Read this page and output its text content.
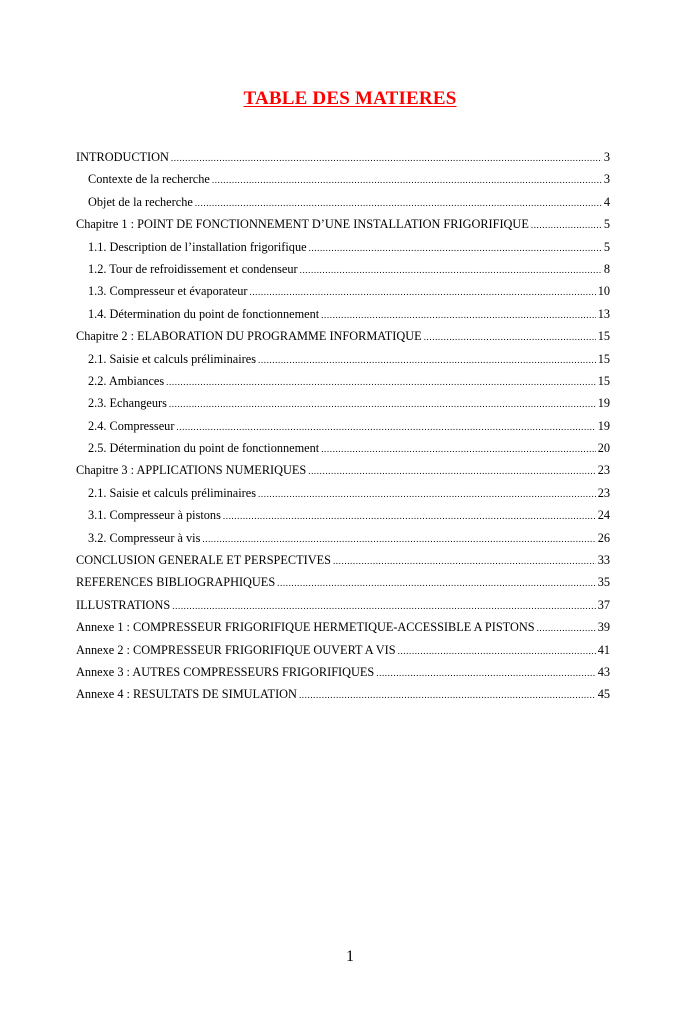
TABLE DES MATIERES
INTRODUCTION .....	3
Contexte de la recherche .....	3
Objet de la recherche .....	4
Chapitre 1 : POINT DE FONCTIONNEMENT D’UNE INSTALLATION FRIGORIFIQUE .....	5
1.1. Description de l’installation frigorifique .....	5
1.2. Tour de refroidissement et condenseur .....	8
1.3. Compresseur et évaporateur .....	10
1.4. Détermination du point de fonctionnement .....	13
Chapitre 2 : ELABORATION DU PROGRAMME INFORMATIQUE .....	15
2.1. Saisie et calculs préliminaires .....	15
2.2. Ambiances .....	15
2.3. Echangeurs .....	19
2.4. Compresseur .....	19
2.5. Détermination du point de fonctionnement .....	20
Chapitre 3 : APPLICATIONS NUMERIQUES .....	23
2.1. Saisie et calculs préliminaires .....	23
3.1. Compresseur à pistons .....	24
3.2. Compresseur à vis .....	26
CONCLUSION GENERALE ET PERSPECTIVES .....	33
REFERENCES BIBLIOGRAPHIQUES .....	35
ILLUSTRATIONS .....	37
Annexe 1 : COMPRESSEUR FRIGORIFIQUE HERMETIQUE-ACCESSIBLE A PISTONS .....	39
Annexe 2 : COMPRESSEUR FRIGORIFIQUE OUVERT A VIS .....	41
Annexe 3 : AUTRES COMPRESSEURS FRIGORIFIQUES .....	43
Annexe 4 : RESULTATS DE SIMULATION .....	45
1
